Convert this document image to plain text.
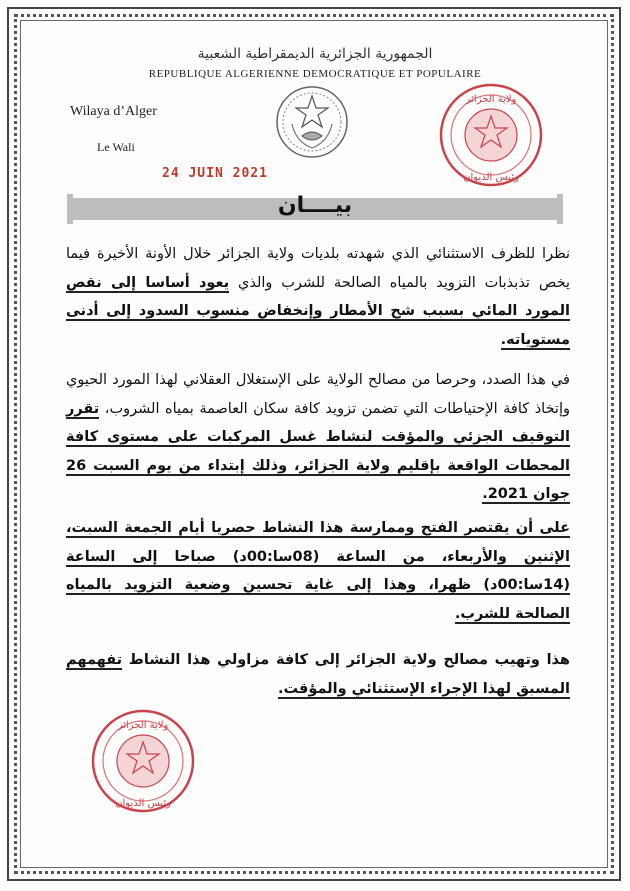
الجمهورية الجزائرية الديمقراطية الشعبية
REPUBLIQUE ALGERIENNE DEMOCRATIQUE ET POPULAIRE
Wilaya d’Alger
Le Wali
24 JUIN 2021
ولاية الجزائر
رئيس الديوان
بيــــان
نظرا للظرف الاستثنائي الذي شهدته بلديات ولاية الجزائر خلال الأونة الأخيرة فيما يخص تذبذبات التزويد بالمياه الصالحة للشرب والذي يعود أساسا إلى نقص المورد المائي بسبب شح الأمطار وإنخفاض منسوب السدود إلى أدنى مستوياته.
في هذا الصدد، وحرصا من مصالح الولاية على الإستغلال العقلاني لهذا المورد الحيوي وإتخاذ كافة الإحتياطات التي تضمن تزويد كافة سكان العاصمة بمياه الشروب، تقرر التوقيف الجزئي والمؤقت لنشاط غسل المركبات على مستوى كافة المحطات الواقعة بإقليم ولاية الجزائر، وذلك إبتداء من يوم السبت 26 جوان 2021.
على أن يقتصر الفتح وممارسة هذا النشاط حصريا أيام الجمعة السبت، الإثنين والأربعاء، من الساعة (08سا:00د) صباحا إلى الساعة (14سا:00د) ظهرا، وهذا إلى غاية تحسين وضعية التزويد بالمياه الصالحة للشرب.
هذا وتهيب مصالح ولاية الجزائر إلى كافة مزاولي هذا النشاط تفهمهم المسبق لهذا الإجراء الإستثنائي والمؤقت.
ولاية الجزائر
رئيس الديوان
